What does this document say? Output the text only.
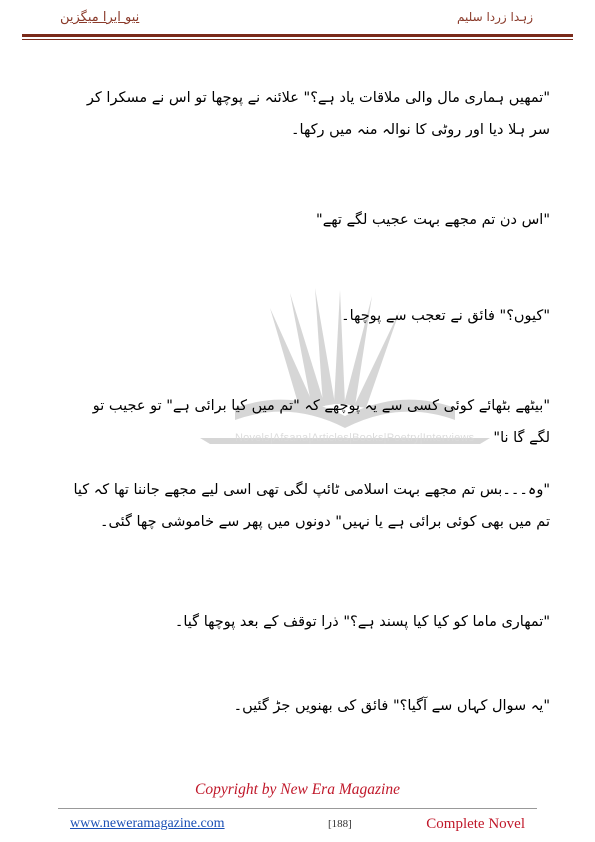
نیو ایرا میگزین	زہدا زردا سلیم
Novels|Afsana|Articles|Books|Poetry|Interviews

"تمھیں ہماری مال والی ملاقات یاد ہے؟" علائنہ نے پوچھا تو اس نے مسکرا کر سر ہلا دیا اور روٹی کا نوالہ منہ میں رکھا۔

"اس دن تم مجھے بہت عجیب لگے تھے"

"کیوں؟" فائق نے تعجب سے پوچھا۔

"بیٹھے بٹھائے کوئی کسی سے یہ پوچھے کہ "تم میں کیا برائی ہے" تو عجیب تو لگے گا نا"

"وہ۔۔۔بس تم مجھے بہت اسلامی ٹائپ لگی تھی اسی لیے مجھے جاننا تھا کہ کیا تم میں بھی کوئی برائی ہے یا نہیں" دونوں میں پھر سے خاموشی چھا گئی۔

"تمھاری ماما کو کیا کیا پسند ہے؟" ذرا توقف کے بعد پوچھا گیا۔

"یہ سوال کہاں سے آگیا؟" فائق کی بھنویں جڑ گئیں۔

Copyright by New Era Magazine
www.neweramagazine.com	[188]	Complete Novel
